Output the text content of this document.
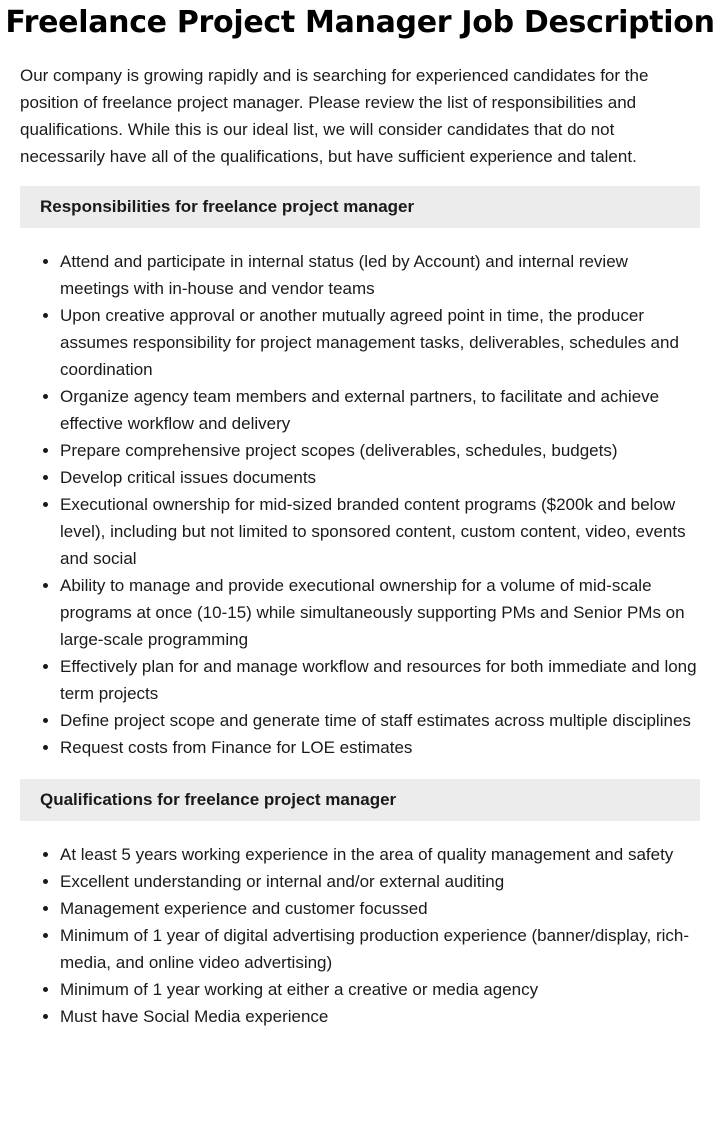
Freelance Project Manager Job Description

Our company is growing rapidly and is searching for experienced candidates for the position of freelance project manager. Please review the list of responsibilities and qualifications. While this is our ideal list, we will consider candidates that do not necessarily have all of the qualifications, but have sufficient experience and talent.

Responsibilities for freelance project manager
• Attend and participate in internal status (led by Account) and internal review meetings with in-house and vendor teams
• Upon creative approval or another mutually agreed point in time, the producer assumes responsibility for project management tasks, deliverables, schedules and coordination
• Organize agency team members and external partners, to facilitate and achieve effective workflow and delivery
• Prepare comprehensive project scopes (deliverables, schedules, budgets)
• Develop critical issues documents
• Executional ownership for mid-sized branded content programs ($200k and below level), including but not limited to sponsored content, custom content, video, events and social
• Ability to manage and provide executional ownership for a volume of mid-scale programs at once (10-15) while simultaneously supporting PMs and Senior PMs on large-scale programming
• Effectively plan for and manage workflow and resources for both immediate and long term projects
• Define project scope and generate time of staff estimates across multiple disciplines
• Request costs from Finance for LOE estimates
Qualifications for freelance project manager
• At least 5 years working experience in the area of quality management and safety
• Excellent understanding or internal and/or external auditing
• Management experience and customer focussed
• Minimum of 1 year of digital advertising production experience (banner/display, rich-media, and online video advertising)
• Minimum of 1 year working at either a creative or media agency
• Must have Social Media experience
